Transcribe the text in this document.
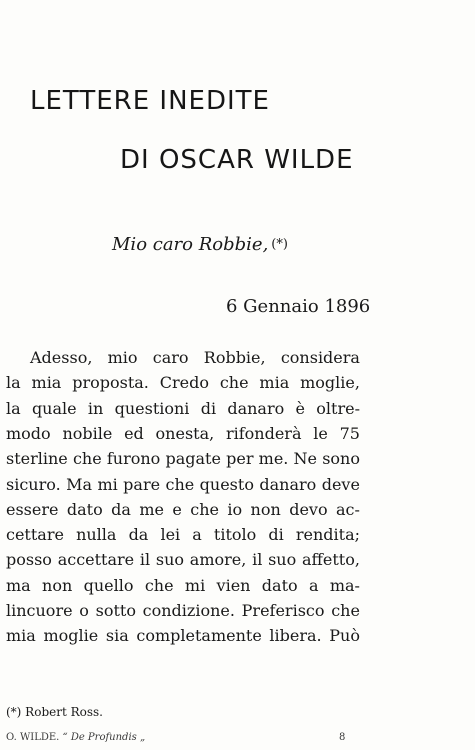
LETTERE INEDITE
DI OSCAR WILDE
Mio caro Robbie, (*)
6 Gennaio 1896
Adesso, mio caro Robbie, considera
la mia proposta. Credo che mia moglie,
la quale in questioni di danaro è oltre-
modo nobile ed onesta, rifonderà le 75
sterline che furono pagate per me. Ne sono
sicuro. Ma mi pare che questo danaro deve
essere dato da me e che io non devo ac-
cettare nulla da lei a titolo di rendita;
posso accettare il suo amore, il suo affetto,
ma non quello che mi vien dato a ma-
lincuore o sotto condizione. Preferisco che
mia moglie sia completamente libera. Può
(*) Robert Ross.
O. WILDE. “ De Profundis „	8
